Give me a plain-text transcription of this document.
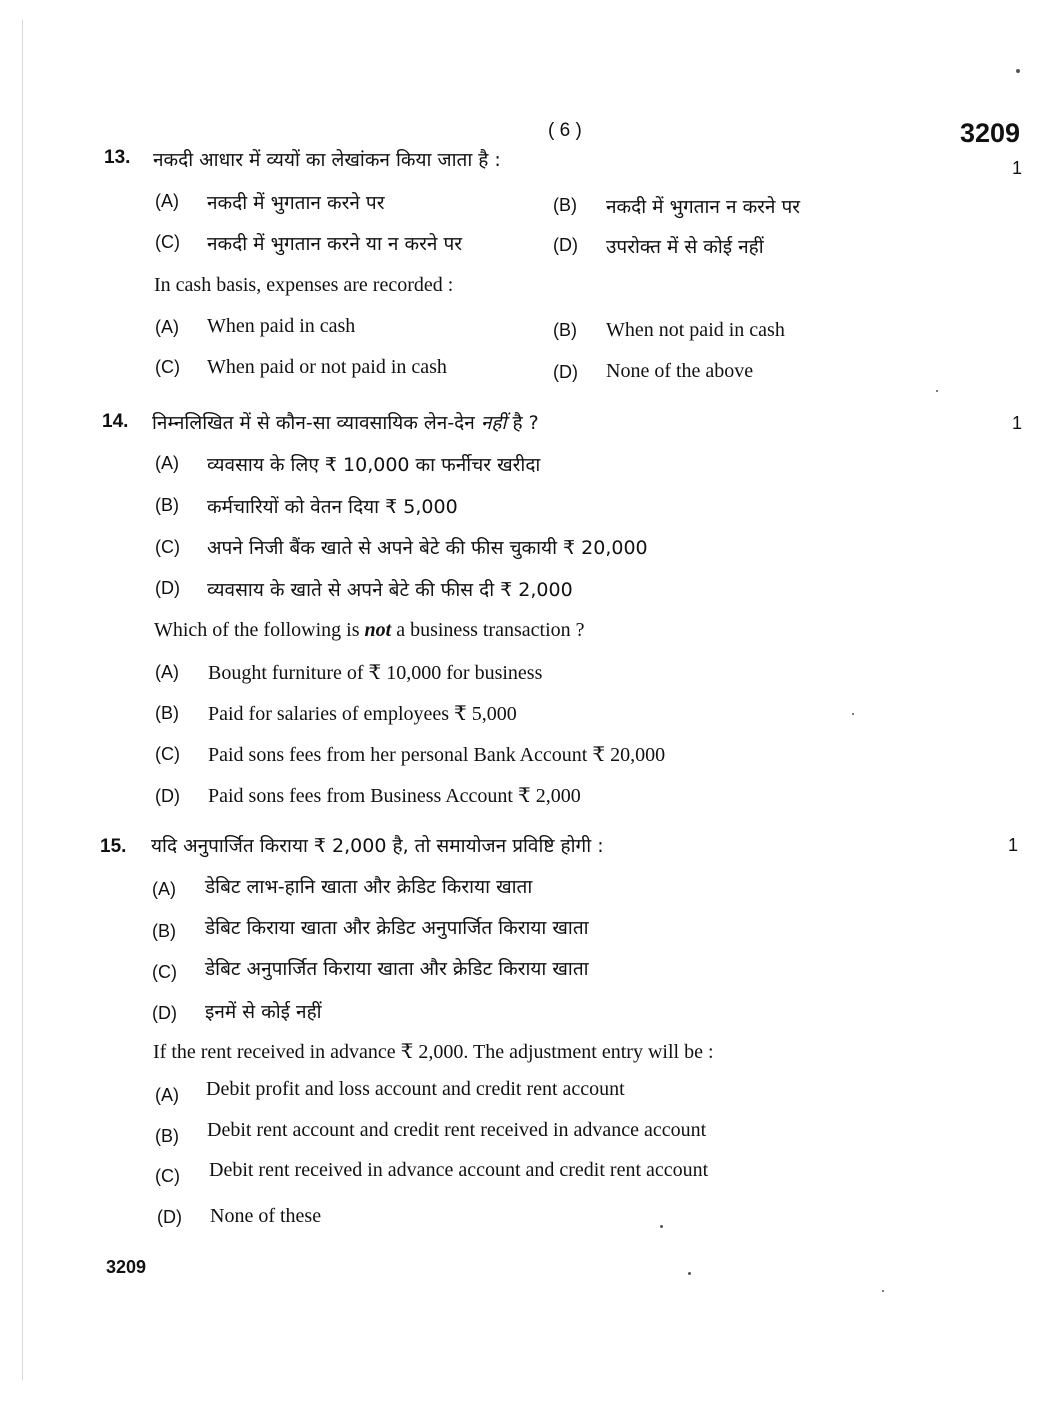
( 6 )	3209
1
13. नकदी आधार में व्ययों का लेखांकन किया जाता है :
(A) नकदी में भुगतान करने पर	(B) नकदी में भुगतान न करने पर
(C) नकदी में भुगतान करने या न करने पर	(D) उपरोक्त में से कोई नहीं
In cash basis, expenses are recorded :
(A) When paid in cash	(B) When not paid in cash
(C) When paid or not paid in cash	(D) None of the above
14. निम्नलिखित में से कौन-सा व्यावसायिक लेन-देन नहीं है ?	1
(A) व्यवसाय के लिए ₹ 10,000 का फर्नीचर खरीदा
(B) कर्मचारियों को वेतन दिया ₹ 5,000
(C) अपने निजी बैंक खाते से अपने बेटे की फीस चुकायी ₹ 20,000
(D) व्यवसाय के खाते से अपने बेटे की फीस दी ₹ 2,000
Which of the following is not a business transaction ?
(A) Bought furniture of ₹ 10,000 for business
(B) Paid for salaries of employees ₹ 5,000
(C) Paid sons fees from her personal Bank Account ₹ 20,000
(D) Paid sons fees from Business Account ₹ 2,000
15. यदि अनुपार्जित किराया ₹ 2,000 है, तो समायोजन प्रविष्टि होगी :	1
(A) डेबिट लाभ-हानि खाता और क्रेडिट किराया खाता
(B) डेबिट किराया खाता और क्रेडिट अनुपार्जित किराया खाता
(C) डेबिट अनुपार्जित किराया खाता और क्रेडिट किराया खाता
(D) इनमें से कोई नहीं
If the rent received in advance ₹ 2,000. The adjustment entry will be :
(A) Debit profit and loss account and credit rent account
(B) Debit rent account and credit rent received in advance account
(C) Debit rent received in advance account and credit rent account
(D) None of these
3209
